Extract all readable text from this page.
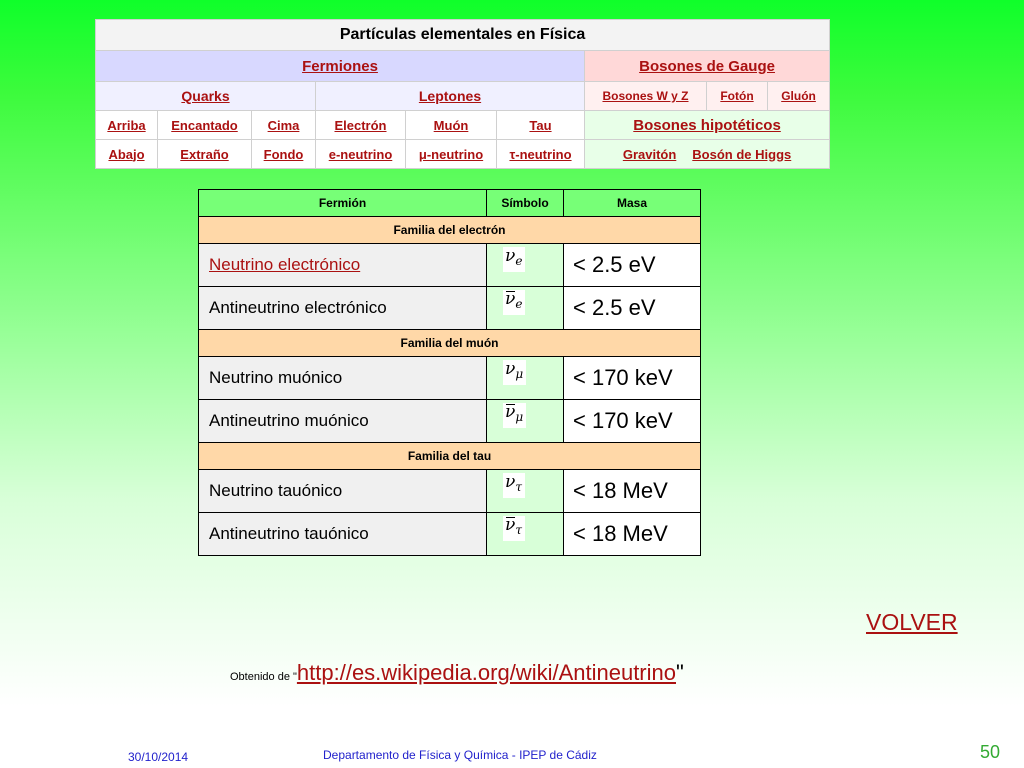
Partículas elementales en Física								
Fermiones						Bosones de Gauge		
Quarks			Leptones			Bosones W y Z	Fotón	Gluón
Arriba	Encantado	Cima	Electrón	Muón	Tau	Bosones hipotéticos		
Abajo	Extraño	Fondo	e-neutrino	μ-neutrino	τ-neutrino	Gravitón Bosón de Higgs		
Fermión	Símbolo	Masa
Familia del electrón		
Neutrino electrónico	$\nu_e$	< 2.5 eV
Antineutrino electrónico	$\nu_e$	< 2.5 eV
Familia del muón		
Neutrino muónico	$\nu_\mu$	< 170 keV
Antineutrino muónico	$\nu_\mu$	< 170 keV
Familia del tau		
Neutrino tauónico	$\nu_\tau$	< 18 MeV
Antineutrino tauónico	$\nu_\tau$	< 18 MeV
VOLVER
Obtenido de "http://es.wikipedia.org/wiki/Antineutrino"
30/10/2014	Departamento de Física y Química - IPEP de Cádiz	50
